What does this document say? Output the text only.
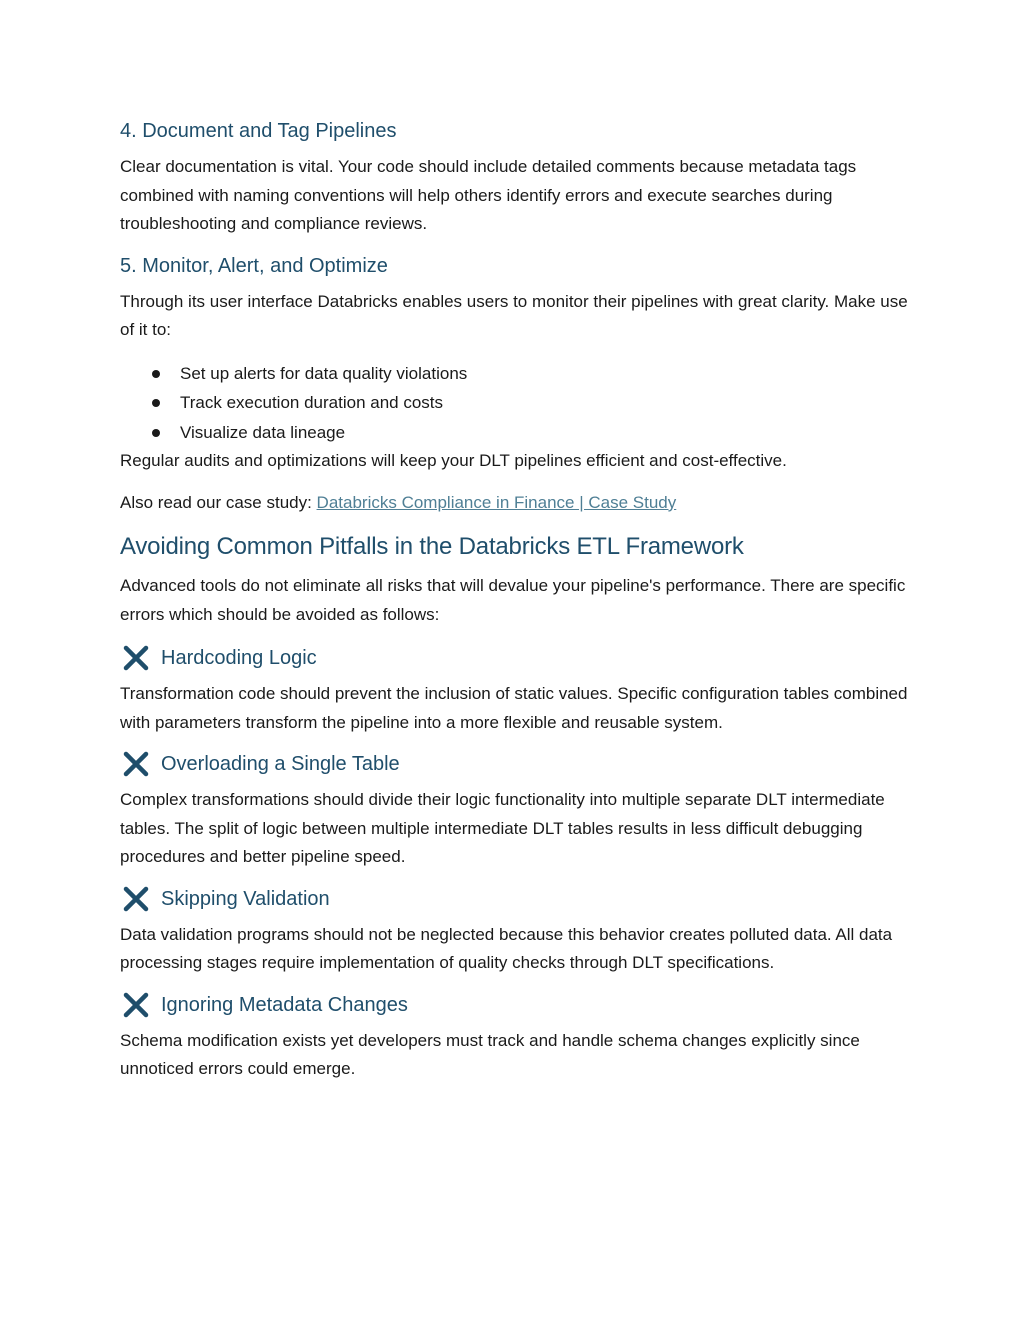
4. Document and Tag Pipelines

Clear documentation is vital. Your code should include detailed comments because metadata tags combined with naming conventions will help others identify errors and execute searches during troubleshooting and compliance reviews.

5. Monitor, Alert, and Optimize

Through its user interface Databricks enables users to monitor their pipelines with great clarity. Make use of it to:

Set up alerts for data quality violations
Track execution duration and costs
Visualize data lineage

Regular audits and optimizations will keep your DLT pipelines efficient and cost-effective.

Also read our case study: Databricks Compliance in Finance | Case Study

Avoiding Common Pitfalls in the Databricks ETL Framework

Advanced tools do not eliminate all risks that will devalue your pipeline's performance. There are specific errors which should be avoided as follows:

Hardcoding Logic

Transformation code should prevent the inclusion of static values. Specific configuration tables combined with parameters transform the pipeline into a more flexible and reusable system.

Overloading a Single Table

Complex transformations should divide their logic functionality into multiple separate DLT intermediate tables. The split of logic between multiple intermediate DLT tables results in less difficult debugging procedures and better pipeline speed.

Skipping Validation

Data validation programs should not be neglected because this behavior creates polluted data. All data processing stages require implementation of quality checks through DLT specifications.

Ignoring Metadata Changes

Schema modification exists yet developers must track and handle schema changes explicitly since unnoticed errors could emerge.
